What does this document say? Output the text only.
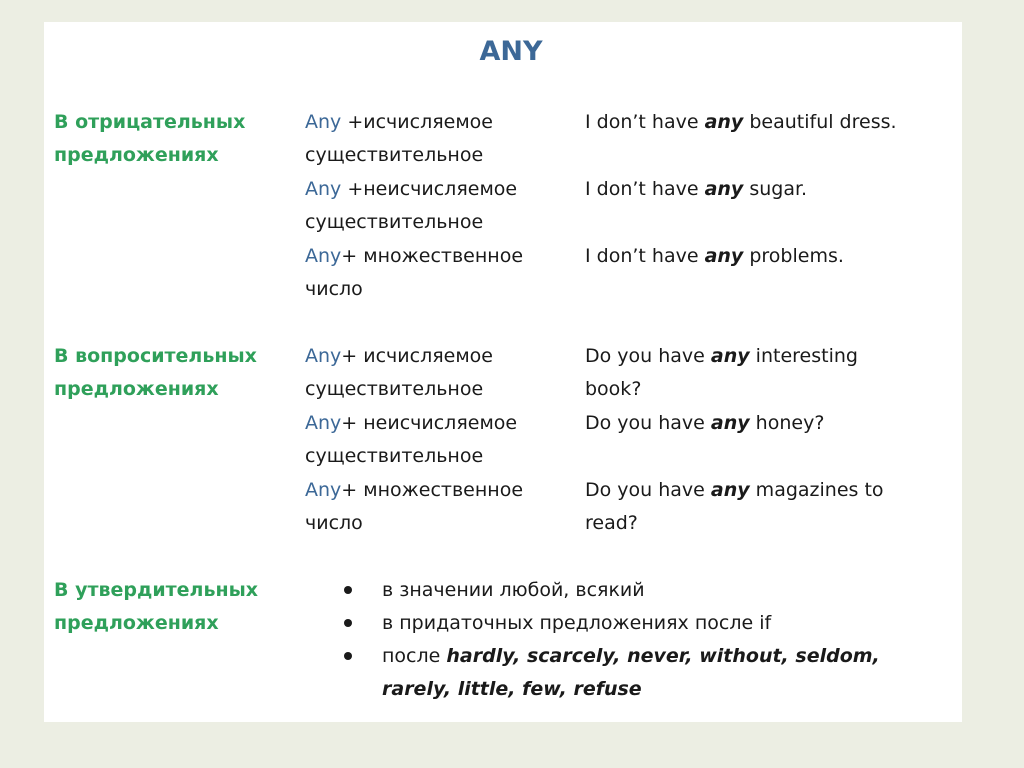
ANY
В отрицательных
предложениях
Any +исчисляемое существительное
I don’t have any beautiful dress.
Any +неисчисляемое существительное
I don’t have any sugar.
Any+ множественное число
I don’t have any problems.
В вопросительных
предложениях
Any+ исчисляемое существительное
Do you have any interesting book?
Any+ неисчисляемое существительное
Do you have any honey?
Any+ множественное число
Do you have any magazines to read?
В утвердительных
предложениях
в значении любой, всякий
в придаточных предложениях после if
после hardly, scarcely, never, without, seldom, rarely, little, few, refuse
